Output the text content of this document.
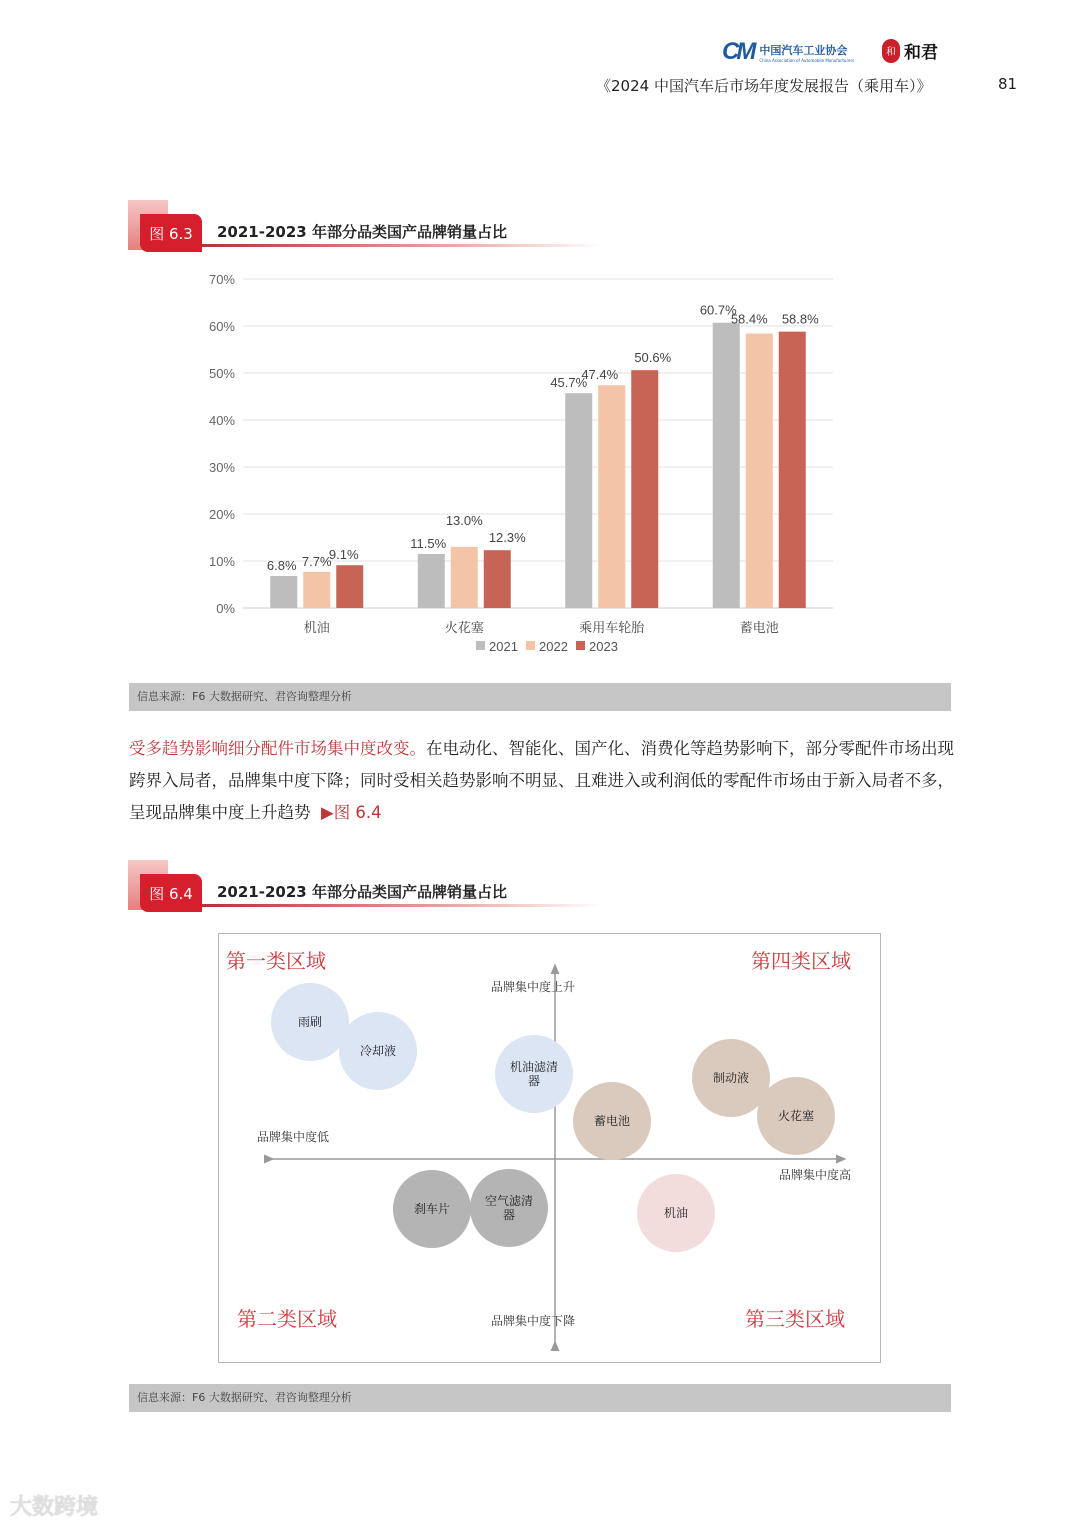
CM 中国汽车工业协会
China Association of Automobile Manufacturers
和 和君
《2024 中国汽车后市场年度发展报告（乘用车）》	81
图 6.3	2021-2023 年部分品类国产品牌销量占比
0%
10%
20%
30%
40%
50%
60%
70%
6.8% 7.7%
9.1%
机油
11.5%
13.0%
12.3%
火花塞
45.7%
47.4%
50.6%
乘用车轮胎
60.7%
58.4% 58.8%
蓄电池
2021 2022 2023
信息来源：F6 大数据研究、君咨询整理分析
受多趋势影响细分配件市场集中度改变。在电动化、智能化、国产化、消费化等趋势影响下，部分零配件市场出现跨界入局者，品牌集中度下降；同时受相关趋势影响不明显、且难进入或利润低的零配件市场由于新入局者不多，呈现品牌集中度上升趋势 ▶图 6.4
图 6.4	2021-2023 年部分品类国产品牌销量占比
第一类区域	第四类区域
第二类区域	第三类区域
品牌集中度上升
品牌集中度下降
品牌集中度低
品牌集中度高
雨刷
冷却液
机油滤清器
蓄电池
制动液
火花塞
刹车片
空气滤清器	机油
信息来源：F6 大数据研究、君咨询整理分析
大数跨境
